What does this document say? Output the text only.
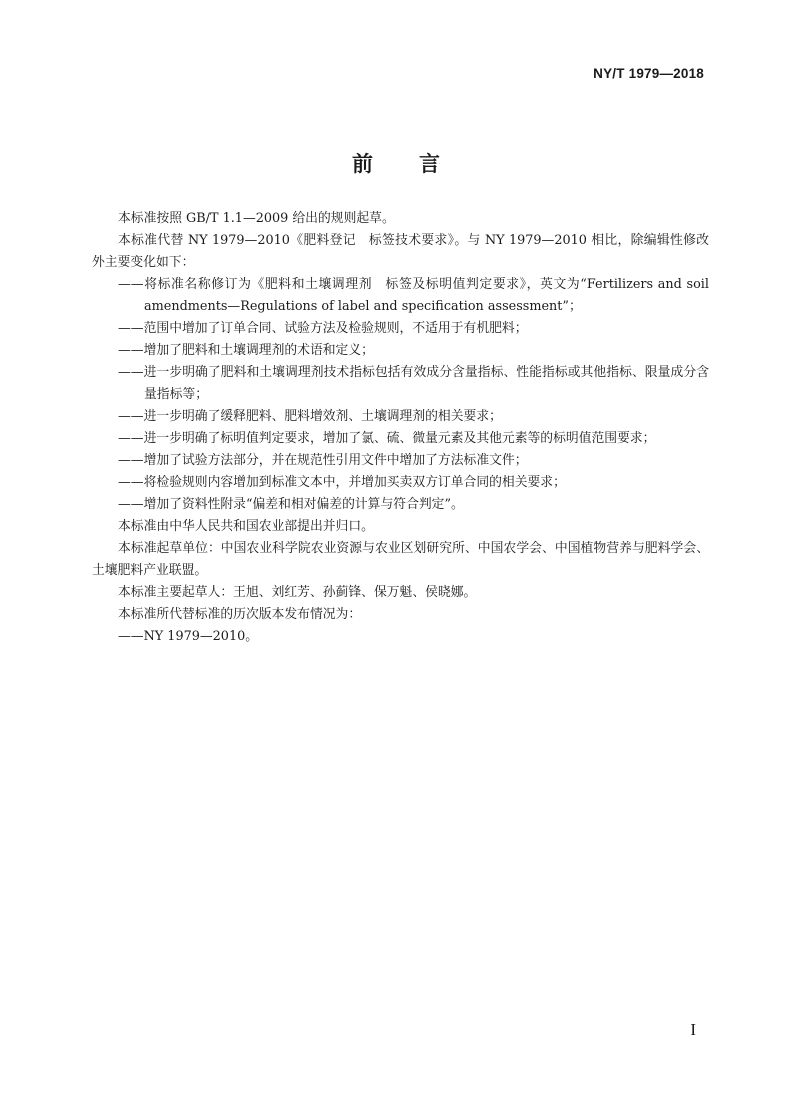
NY/T 1979—2018
前言

本标准按照 GB/T 1.1—2009 给出的规则起草。

本标准代替 NY 1979—2010《肥料登记　标签技术要求》。与 NY 1979—2010 相比，除编辑性修改外主要变化如下：

——将标准名称修订为《肥料和土壤调理剂　标签及标明值判定要求》，英文为“Fertilizers and soil amendments—Regulations of label and specification assessment”；

——范围中增加了订单合同、试验方法及检验规则，不适用于有机肥料；

——增加了肥料和土壤调理剂的术语和定义；

——进一步明确了肥料和土壤调理剂技术指标包括有效成分含量指标、性能指标或其他指标、限量成分含量指标等；

——进一步明确了缓释肥料、肥料增效剂、土壤调理剂的相关要求；

——进一步明确了标明值判定要求，增加了氯、硫、微量元素及其他元素等的标明值范围要求；

——增加了试验方法部分，并在规范性引用文件中增加了方法标准文件；

——将检验规则内容增加到标准文本中，并增加买卖双方订单合同的相关要求；

——增加了资料性附录“偏差和相对偏差的计算与符合判定”。

本标准由中华人民共和国农业部提出并归口。

本标准起草单位：中国农业科学院农业资源与农业区划研究所、中国农学会、中国植物营养与肥料学会、土壤肥料产业联盟。

本标准主要起草人：王旭、刘红芳、孙蓟锋、保万魁、侯晓娜。

本标准所代替标准的历次版本发布情况为：

——NY 1979—2010。

I
